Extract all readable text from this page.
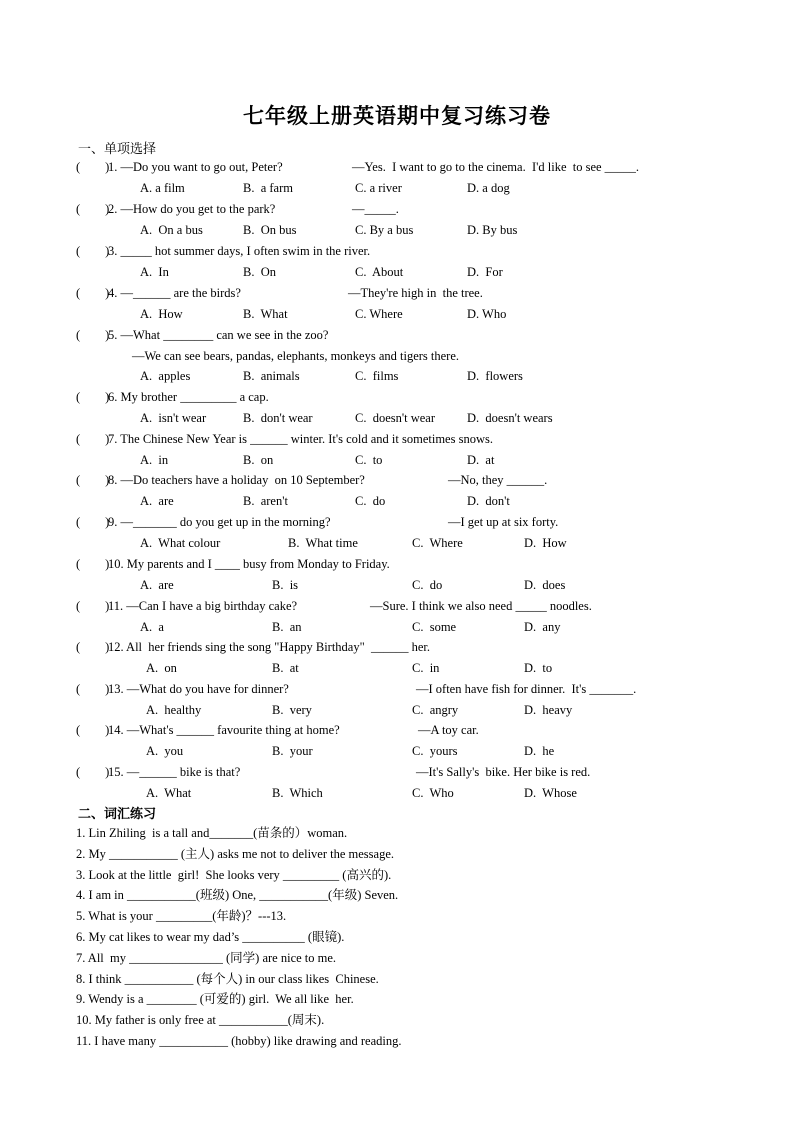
七年级上册英语期中复习练习卷
一、单项选择
(        )
1. —Do you want to go out, Peter?	—Yes.  I want to go to the cinema.  I'd like  to see _____.
A. a film	B.  a farm	C. a river	D. a dog
(        )
2. —How do you get to the park?	—_____.
A.  On a bus	B.  On bus	C. By a bus	D. By bus
(        )
3. _____ hot summer days, I often swim in the river.
A.  In	B.  On	C.  About	D.  For
(        )
4. —______ are the birds?	—They're high in  the tree.
A.  How	B.  What	C. Where	D. Who
(        )
5. —What ________ can we see in the zoo?
—We can see bears, pandas, elephants, monkeys and tigers there.
A.  apples	B.  animals	C.  films	D.  flowers
(        )
6. My brother _________ a cap.
A.  isn't wear	B.  don't wear	C.  doesn't wear	D.  doesn't wears
(        )
7. The Chinese New Year is ______ winter. It's cold and it sometimes snows.
A.  in	B.  on	C.  to	D.  at
(        )
8. —Do teachers have a holiday  on 10 September?	—No, they ______.
A.  are	B.  aren't	C.  do	D.  don't
(        )
9. —_______ do you get up in the morning?	—I get up at six forty.
A.  What colour	B.  What time	C.  Where	D.  How
(        )
10. My parents and I ____ busy from Monday to Friday.
A.  are	B.  is	C.  do	D.  does
(        )
11. —Can I have a big birthday cake?	—Sure. I think we also need _____ noodles.
A.  a	B.  an	C.  some	D.  any
(        )
12. All  her friends sing the song "Happy Birthday"  ______ her.
A.  on	B.  at	C.  in	D.  to
(        )
13. —What do you have for dinner?	—I often have fish for dinner.  It's _______.
A.  healthy	B.  very	C.  angry	D.  heavy
(        )
14. —What's ______ favourite thing at home?	—A toy car.
A.  you	B.  your	C.  yours	D.  he
(        )
15. —______ bike is that?	—It's Sally's  bike. Her bike is red.
A.  What	B.  Which	C.  Who	D.  Whose
二、词汇练习
1. Lin Zhiling  is a tall and_______(苗条的）woman.
2. My ___________ (主人) asks me not to deliver the message.
3. Look at the little  girl!  She looks very _________ (高兴的).
4. I am in ___________(班级) One, ___________(年级) Seven.
5. What is your _________(年龄)？---13.
6. My cat likes to wear my dad’s __________ (眼镜).
7. All  my _______________ (同学) are nice to me.
8. I think ___________ (每个人) in our class likes  Chinese.
9. Wendy is a ________ (可爱的) girl.  We all like  her.
10. My father is only free at ___________(周末).
11. I have many ___________ (hobby) like drawing and reading.
